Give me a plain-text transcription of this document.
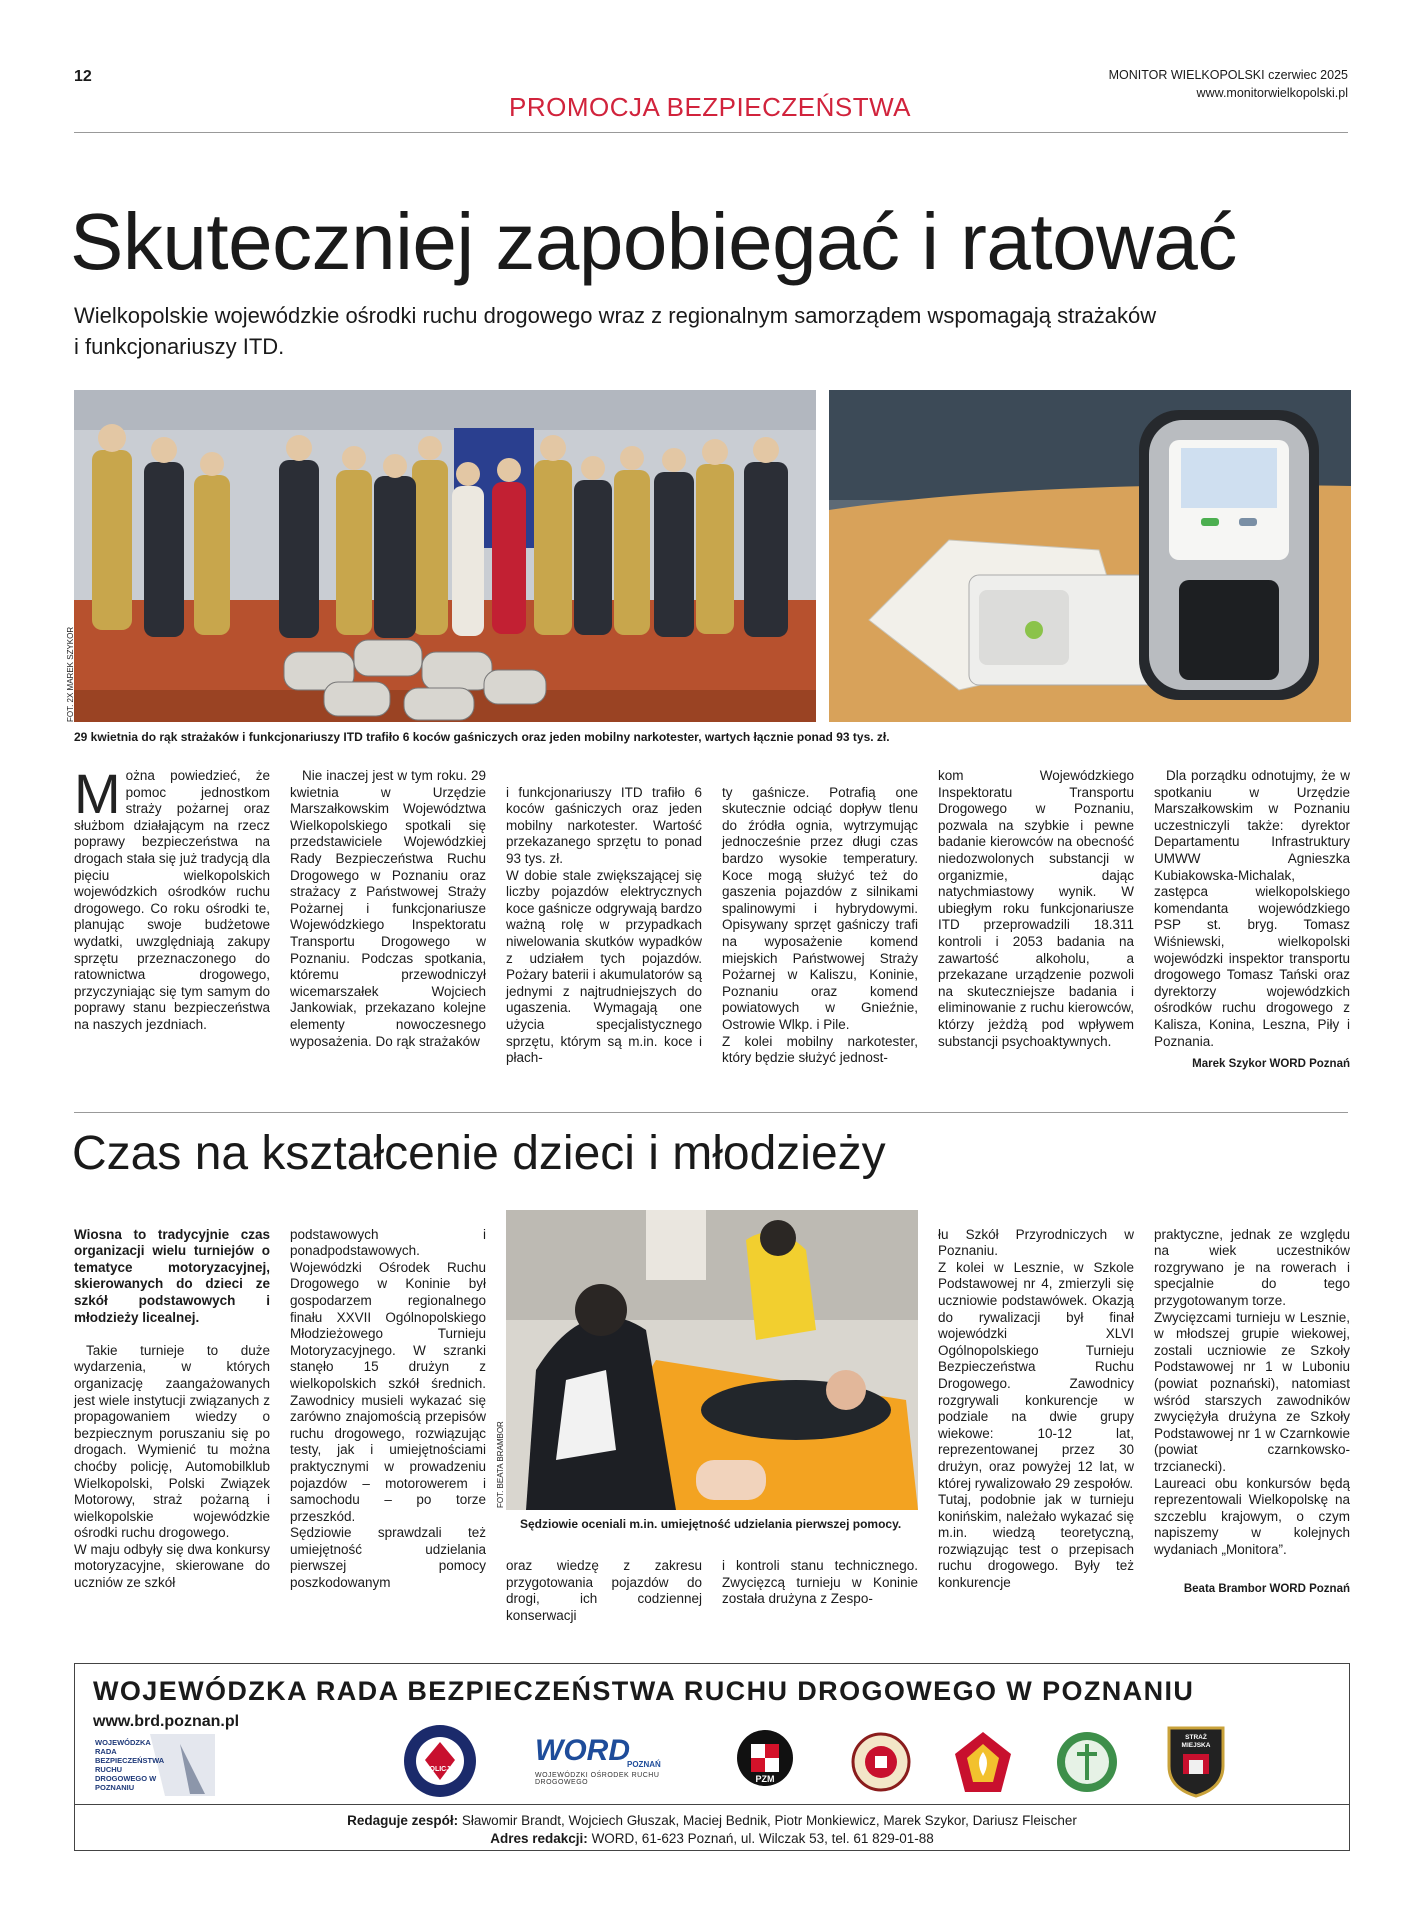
12	MONITOR WIELKOPOLSKI czerwiec 2025
www.monitorwielkopolski.pl
PROMOCJA BEZPIECZEŃSTWA
Skuteczniej zapobiegać i ratować
Wielkopolskie wojewódzkie ośrodki ruchu drogowego wraz z regionalnym samorządem wspomagają strażaków i funkcjonariuszy ITD.
FOT. 2X MAREK SZYKOR
29 kwietnia do rąk strażaków i funkcjonariuszy ITD trafiło 6 koców gaśniczych oraz jeden mobilny narkotester, wartych łącznie ponad 93 tys. zł.
M ożna powiedzieć, że pomoc jednostkom straży pożarnej oraz służbom działającym na rzecz poprawy bezpieczeństwa na drogach stała się już tradycją dla pięciu wielkopolskich wojewódzkich ośrodków ruchu drogowego. Co roku ośrodki te, planując swoje budżetowe wydatki, uwzględniają zakupy sprzętu przeznaczonego do ratownictwa drogowego, przyczyniając się tym samym do poprawy stanu bezpieczeństwa na naszych jezdniach.

Nie inaczej jest w tym roku. 29 kwietnia w Urzędzie Marszałkowskim Województwa Wielkopolskiego spotkali się przedstawiciele Wojewódzkiej Rady Bezpieczeństwa Ruchu Drogowego w Poznaniu oraz strażacy z Państwowej Straży Pożarnej i funkcjonariusze Wojewódzkiego Inspektoratu Transportu Drogowego w Poznaniu. Podczas spotkania, któremu przewodniczył wicemarszałek Wojciech Jankowiak, przekazano kolejne elementy nowoczesnego wyposażenia. Do rąk strażaków

i funkcjonariuszy ITD trafiło 6 koców gaśniczych oraz jeden mobilny narkotester. Wartość przekazanego sprzętu to ponad 93 tys. zł.
W dobie stale zwiększającej się liczby pojazdów elektrycznych koce gaśnicze odgrywają bardzo ważną rolę w przypadkach niwelowania skutków wypadków z udziałem tych pojazdów. Pożary baterii i akumulatorów są jednymi z najtrudniejszych do ugaszenia. Wymagają one użycia specjalistycznego sprzętu, którym są m.in. koce i płach-

ty gaśnicze. Potrafią one skutecznie odciąć dopływ tlenu do źródła ognia, wytrzymując jednocześnie przez długi czas bardzo wysokie temperatury. Koce mogą służyć też do gaszenia pojazdów z silnikami spalinowymi i hybrydowymi. Opisywany sprzęt gaśniczy trafi na wyposażenie komend miejskich Państwowej Straży Pożarnej w Kaliszu, Koninie, Poznaniu oraz komend powiatowych w Gnieźnie, Ostrowie Wlkp. i Pile.
Z kolei mobilny narkotester, który będzie służyć jednost-

kom Wojewódzkiego Inspektoratu Transportu Drogowego w Poznaniu, pozwala na szybkie i pewne badanie kierowców na obecność niedozwolonych substancji w organizmie, dając natychmiastowy wynik. W ubiegłym roku funkcjonariusze ITD przeprowadzili 18.311 kontroli i 2053 badania na zawartość alkoholu, a przekazane urządzenie pozwoli na skuteczniejsze badania i eliminowanie z ruchu kierowców, którzy jeżdżą pod wpływem substancji psychoaktywnych.

Dla porządku odnotujmy, że w spotkaniu w Urzędzie Marszałkowskim w Poznaniu uczestniczyli także: dyrektor Departamentu Infrastruktury UMWW Agnieszka Kubiakowska-Michalak, zastępca wielkopolskiego komendanta wojewódzkiego PSP st. bryg. Tomasz Wiśniewski, wielkopolski wojewódzki inspektor transportu drogowego Tomasz Tański oraz dyrektorzy wojewódzkich ośrodków ruchu drogowego z Kalisza, Konina, Leszna, Piły i Poznania.

Marek Szykor WORD Poznań
Czas na kształcenie dzieci i młodzieży

Wiosna to tradycyjnie czas organizacji wielu turniejów o tematyce motoryzacyjnej, skierowanych do dzieci ze szkół podstawowych i młodzieży licealnej.

Takie turnieje to duże wydarzenia, w których organizację zaangażowanych jest wiele instytucji związanych z propagowaniem wiedzy o bezpiecznym poruszaniu się po drogach. Wymienić tu można choćby policję, Automobilklub Wielkopolski, Polski Związek Motorowy, straż pożarną i wielkopolskie wojewódzkie ośrodki ruchu drogowego.
W maju odbyły się dwa konkursy motoryzacyjne, skierowane do uczniów ze szkół

podstawowych i ponadpodstawowych.
Wojewódzki Ośrodek Ruchu Drogowego w Koninie był gospodarzem regionalnego finału XXVII Ogólnopolskiego Młodzieżowego Turnieju Motoryzacyjnego. W szranki stanęło 15 drużyn z wielkopolskich szkół średnich. Zawodnicy musieli wykazać się zarówno znajomością przepisów ruchu drogowego, rozwiązując testy, jak i umiejętnościami praktycznymi w prowadzeniu pojazdów – motorowerem i samochodu – po torze przeszkód.
Sędziowie sprawdzali też umiejętność udzielania pierwszej pomocy poszkodowanym

FOT. BEATA BRAMBOR
Sędziowie oceniali m.in. umiejętność udzielania pierwszej pomocy.

oraz wiedzę z zakresu przygotowania pojazdów do drogi, ich codziennej konserwacji

i kontroli stanu technicznego. Zwycięzcą turnieju w Koninie została drużyna z Zespo-

łu Szkół Przyrodniczych w Poznaniu.
Z kolei w Lesznie, w Szkole Podstawowej nr 4, zmierzyli się uczniowie podstawówek. Okazją do rywalizacji był finał wojewódzki XLVI Ogólnopolskiego Turnieju Bezpieczeństwa Ruchu Drogowego. Zawodnicy rozgrywali konkurencje w podziale na dwie grupy wiekowe: 10-12 lat, reprezentowanej przez 30 drużyn, oraz powyżej 12 lat, w której rywalizowało 29 zespołów.
Tutaj, podobnie jak w turnieju konińskim, należało wykazać się m.in. wiedzą teoretyczną, rozwiązując test o przepisach ruchu drogowego. Były też konkurencje

praktyczne, jednak ze względu na wiek uczestników rozgrywano je na rowerach i specjalnie do tego przygotowanym torze.
Zwycięzcami turnieju w Lesznie, w młodszej grupie wiekowej, zostali uczniowie ze Szkoły Podstawowej nr 1 w Luboniu (powiat poznański), natomiast wśród starszych zawodników zwyciężyła drużyna ze Szkoły Podstawowej nr 1 w Czarnkowie (powiat czarnkowsko-trzcianecki).
Laureaci obu konkursów będą reprezentowali Wielkopolskę na szczeblu krajowym, o czym napiszemy w kolejnych wydaniach „Monitora”.

Beata Brambor WORD Poznań

WOJEWÓDZKA RADA BEZPIECZEŃSTWA RUCHU DROGOWEGO W POZNANIU
www.brd.poznan.pl
WOJEWÓDZKA RADA BEZPIECZEŃSTWA RUCHU DROGOWEGO W POZNANIU
POLICJA
WORD
POZNAŃ
WOJEWÓDZKI OŚRODEK RUCHU DROGOWEGO	PZM
STRAŻ MIEJSKA
Redaguje zespół: Sławomir Brandt, Wojciech Głuszak, Maciej Bednik, Piotr Monkiewicz, Marek Szykor, Dariusz Fleischer
Adres redakcji: WORD, 61-623 Poznań, ul. Wilczak 53, tel. 61 829-01-88
